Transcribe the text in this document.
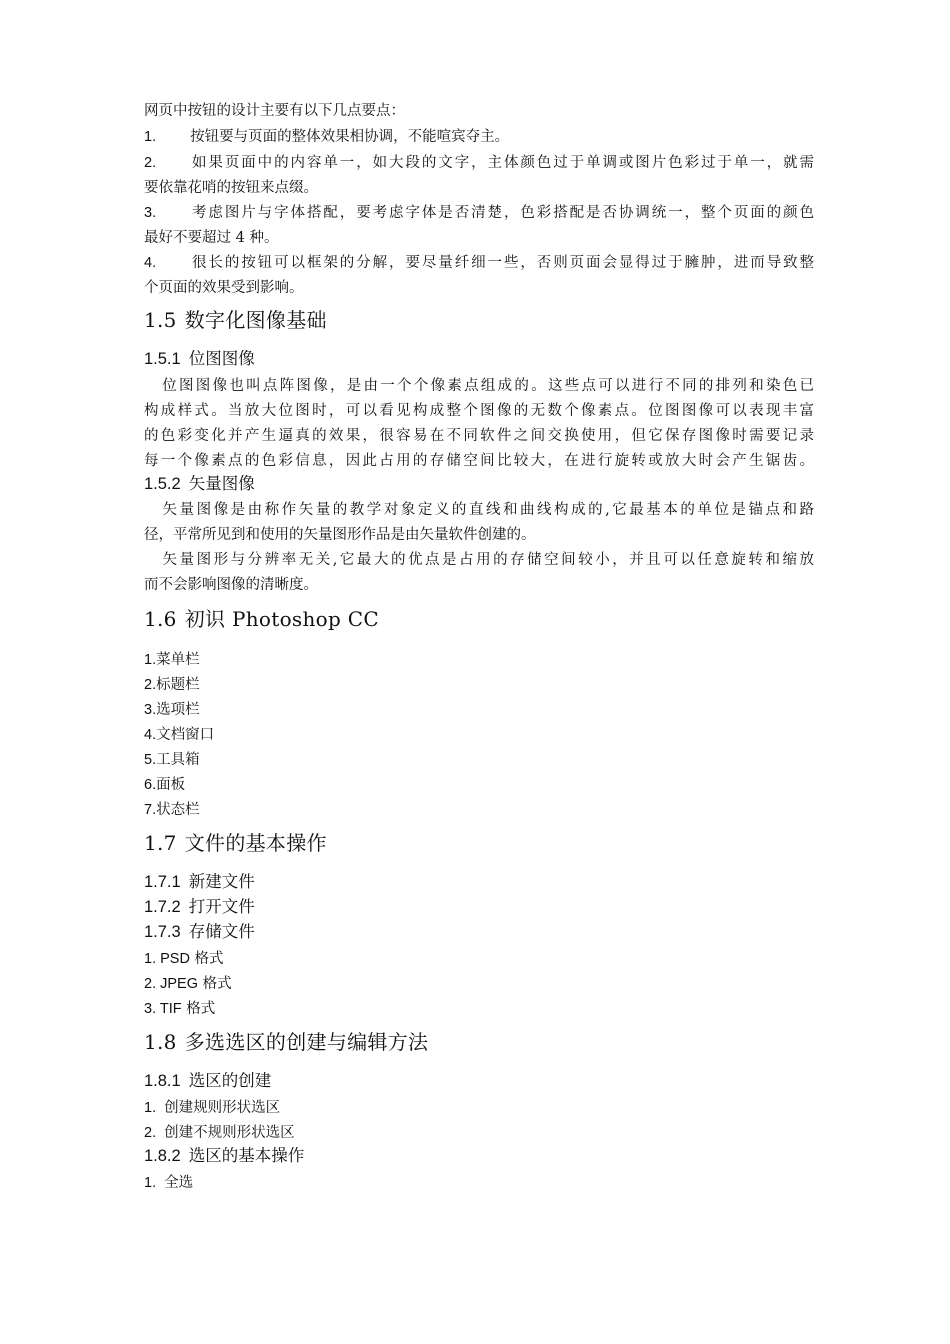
网页中按钮的设计主要有以下几点要点：
1. 按钮要与页面的整体效果相协调，不能喧宾夺主。
2. 如果页面中的内容单一，如大段的文字，主体颜色过于单调或图片色彩过于单一，就需
要依靠花哨的按钮来点缀。
3. 考虑图片与字体搭配，要考虑字体是否清楚，色彩搭配是否协调统一，整个页面的颜色
最好不要超过 4 种。
4. 很长的按钮可以框架的分解，要尽量纤细一些，否则页面会显得过于臃肿，进而导致整
个页面的效果受到影响。
1.5 数字化图像基础
1.5.1 位图图像
位图图像也叫点阵图像，是由一个个像素点组成的。这些点可以进行不同的排列和染色已
构成样式。当放大位图时，可以看见构成整个图像的无数个像素点。位图图像可以表现丰富
的色彩变化并产生逼真的效果，很容易在不同软件之间交换使用，但它保存图像时需要记录
每一个像素点的色彩信息，因此占用的存储空间比较大，在进行旋转或放大时会产生锯齿。
1.5.2 矢量图像
矢量图像是由称作矢量的教学对象定义的直线和曲线构成的,它最基本的单位是锚点和路
径，平常所见到和使用的矢量图形作品是由矢量软件创建的。
矢量图形与分辨率无关,它最大的优点是占用的存储空间较小，并且可以任意旋转和缩放
而不会影响图像的清晰度。
1.6 初识 Photoshop CC
1.菜单栏
2.标题栏
3.选项栏
4.文档窗口
5.工具箱
6.面板
7.状态栏
1.7 文件的基本操作
1.7.1 新建文件
1.7.2 打开文件
1.7.3 存储文件
1. PSD 格式
2. JPEG 格式
3. TIF 格式
1.8 多选选区的创建与编辑方法
1.8.1 选区的创建
1. 创建规则形状选区
2. 创建不规则形状选区
1.8.2 选区的基本操作
1. 全选
